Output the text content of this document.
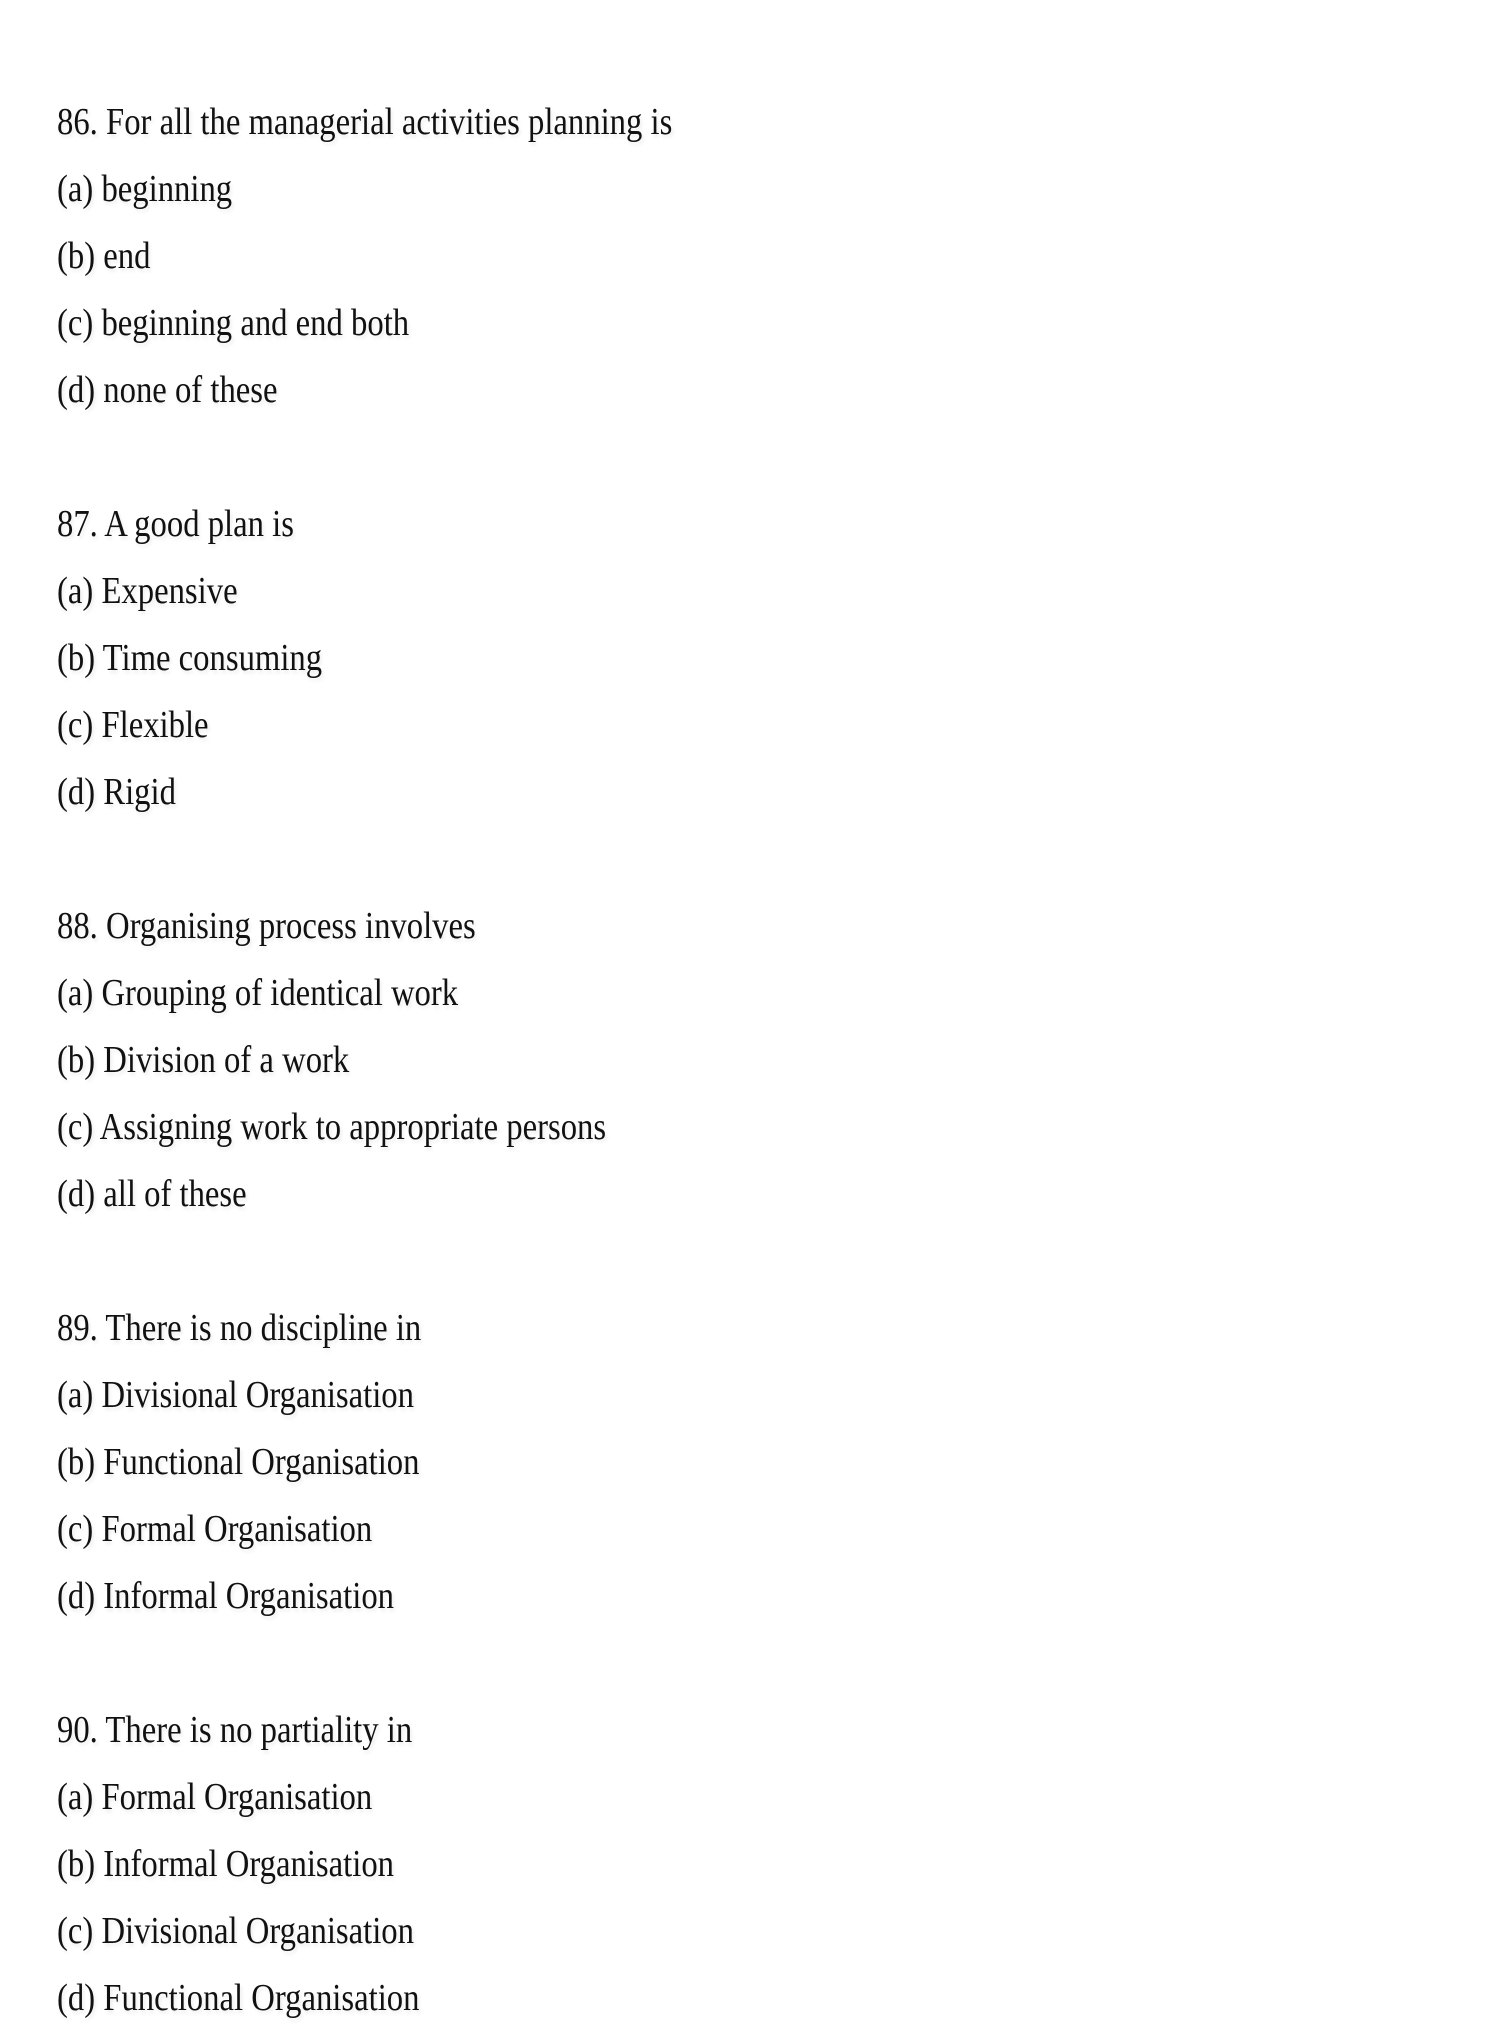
86. For all the managerial activities planning is
(a) beginning
(b) end
(c) beginning and end both
(d) none of these
87. A good plan is
(a) Expensive
(b) Time consuming
(c) Flexible
(d) Rigid
88. Organising process involves
(a) Grouping of identical work
(b) Division of a work
(c) Assigning work to appropriate persons
(d) all of these
89. There is no discipline in
(a) Divisional Organisation
(b) Functional Organisation
(c) Formal Organisation
(d) Informal Organisation
90. There is no partiality in
(a) Formal Organisation
(b) Informal Organisation
(c) Divisional Organisation
(d) Functional Organisation
